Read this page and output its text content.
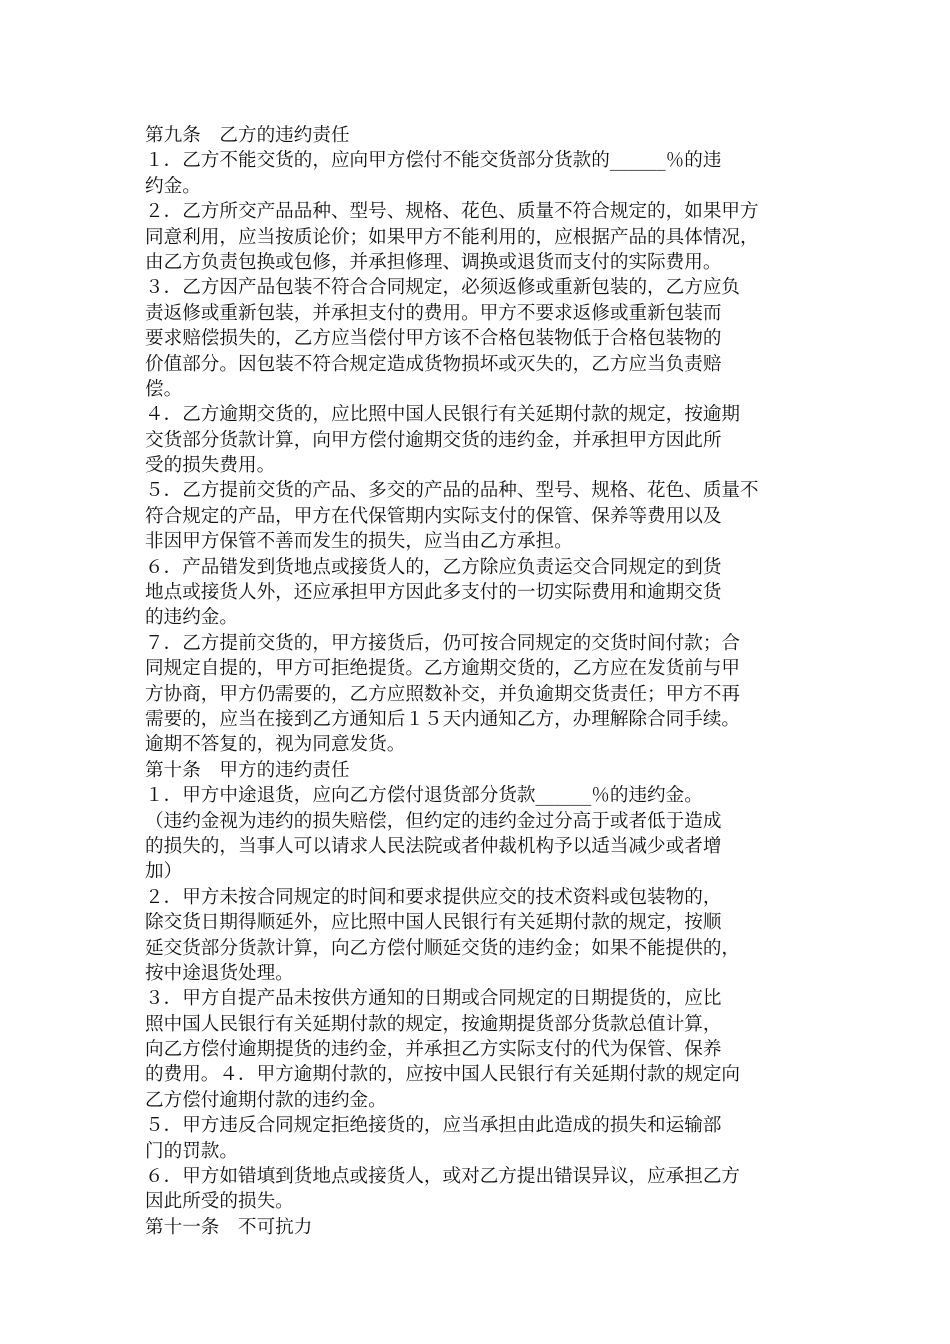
第九条　乙方的违约责任
１．乙方不能交货的，应向甲方偿付不能交货部分货款的______％的违
约金。
２．乙方所交产品品种、型号、规格、花色、质量不符合规定的，如果甲方
同意利用，应当按质论价；如果甲方不能利用的，应根据产品的具体情况，
由乙方负责包换或包修，并承担修理、调换或退货而支付的实际费用。
３．乙方因产品包装不符合合同规定，必须返修或重新包装的，乙方应负
责返修或重新包装，并承担支付的费用。甲方不要求返修或重新包装而
要求赔偿损失的，乙方应当偿付甲方该不合格包装物低于合格包装物的
价值部分。因包装不符合规定造成货物损坏或灭失的，乙方应当负责赔
偿。
４．乙方逾期交货的，应比照中国人民银行有关延期付款的规定，按逾期
交货部分货款计算，向甲方偿付逾期交货的违约金，并承担甲方因此所
受的损失费用。
５．乙方提前交货的产品、多交的产品的品种、型号、规格、花色、质量不
符合规定的产品，甲方在代保管期内实际支付的保管、保养等费用以及
非因甲方保管不善而发生的损失，应当由乙方承担。
６．产品错发到货地点或接货人的，乙方除应负责运交合同规定的到货
地点或接货人外，还应承担甲方因此多支付的一切实际费用和逾期交货
的违约金。
７．乙方提前交货的，甲方接货后，仍可按合同规定的交货时间付款；合
同规定自提的，甲方可拒绝提货。乙方逾期交货的，乙方应在发货前与甲
方协商，甲方仍需要的，乙方应照数补交，并负逾期交货责任；甲方不再
需要的，应当在接到乙方通知后１５天内通知乙方，办理解除合同手续。
逾期不答复的，视为同意发货。
第十条　甲方的违约责任
１．甲方中途退货，应向乙方偿付退货部分货款______％的违约金。
（违约金视为违约的损失赔偿，但约定的违约金过分高于或者低于造成
的损失的，当事人可以请求人民法院或者仲裁机构予以适当减少或者增
加）
２．甲方未按合同规定的时间和要求提供应交的技术资料或包装物的，
除交货日期得顺延外，应比照中国人民银行有关延期付款的规定，按顺
延交货部分货款计算，向乙方偿付顺延交货的违约金；如果不能提供的，
按中途退货处理。
３．甲方自提产品未按供方通知的日期或合同规定的日期提货的，应比
照中国人民银行有关延期付款的规定，按逾期提货部分货款总值计算，
向乙方偿付逾期提货的违约金，并承担乙方实际支付的代为保管、保养
的费用。４．甲方逾期付款的，应按中国人民银行有关延期付款的规定向
乙方偿付逾期付款的违约金。
５．甲方违反合同规定拒绝接货的，应当承担由此造成的损失和运输部
门的罚款。
６．甲方如错填到货地点或接货人，或对乙方提出错误异议，应承担乙方
因此所受的损失。
第十一条　不可抗力
